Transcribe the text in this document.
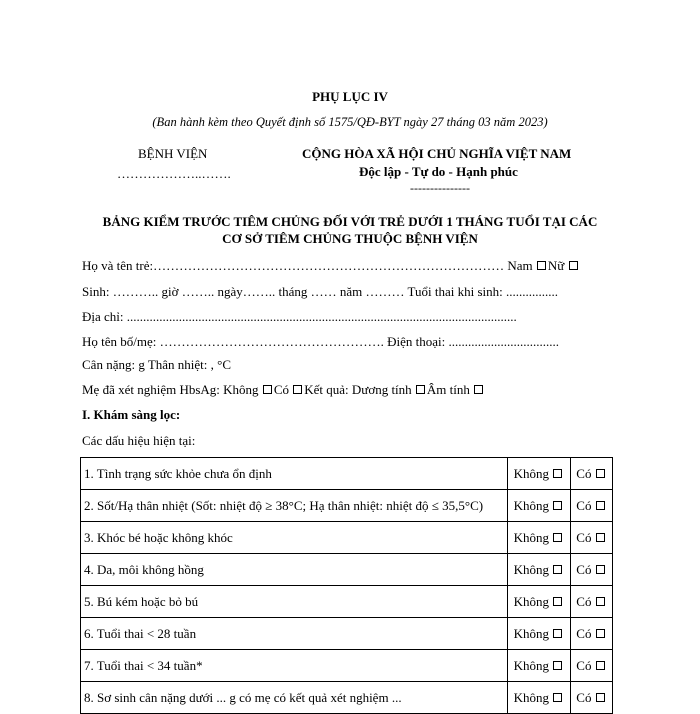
PHỤ LỤC IV
(Ban hành kèm theo Quyết định số 1575/QĐ-BYT ngày 27 tháng 03 năm 2023)
BỆNH VIỆN
………………..…….
CỘNG HÒA XÃ HỘI CHỦ NGHĨA VIỆT NAM
Độc lập - Tự do - Hạnh phúc
---------------
BẢNG KIỂM TRƯỚC TIÊM CHỦNG ĐỐI VỚI TRẺ DƯỚI 1 THÁNG TUỔI TẠI CÁC
CƠ SỞ TIÊM CHỦNG THUỘC BỆNH VIỆN
Họ và tên trẻ:……………………………………………………………………… Nam Nữ
Sinh: ……….. giờ …….. ngày…….. tháng …… năm ……… Tuổi thai khi sinh: ................
Địa chỉ: ........................................................................................................................
Họ tên bố/mẹ: ……………………………………………. Điện thoại: ..................................
Cân nặng: g Thân nhiệt: , °C
Mẹ đã xét nghiệm HbsAg: Không Có Kết quả: Dương tính Âm tính
I. Khám sàng lọc:
Các dấu hiệu hiện tại:
1. Tình trạng sức khỏe chưa ổn định	Không	Có
2. Sốt/Hạ thân nhiệt (Sốt: nhiệt độ ≥ 38°C; Hạ thân nhiệt: nhiệt độ ≤ 35,5°C)	Không	Có
3. Khóc bé hoặc không khóc	Không	Có
4. Da, môi không hồng	Không	Có
5. Bú kém hoặc bỏ bú	Không	Có
6. Tuổi thai < 28 tuần	Không	Có
7. Tuổi thai < 34 tuần*	Không	Có
8. Sơ sinh cân nặng dưới ... g có mẹ có kết quả xét nghiệm ...	Không	Có
